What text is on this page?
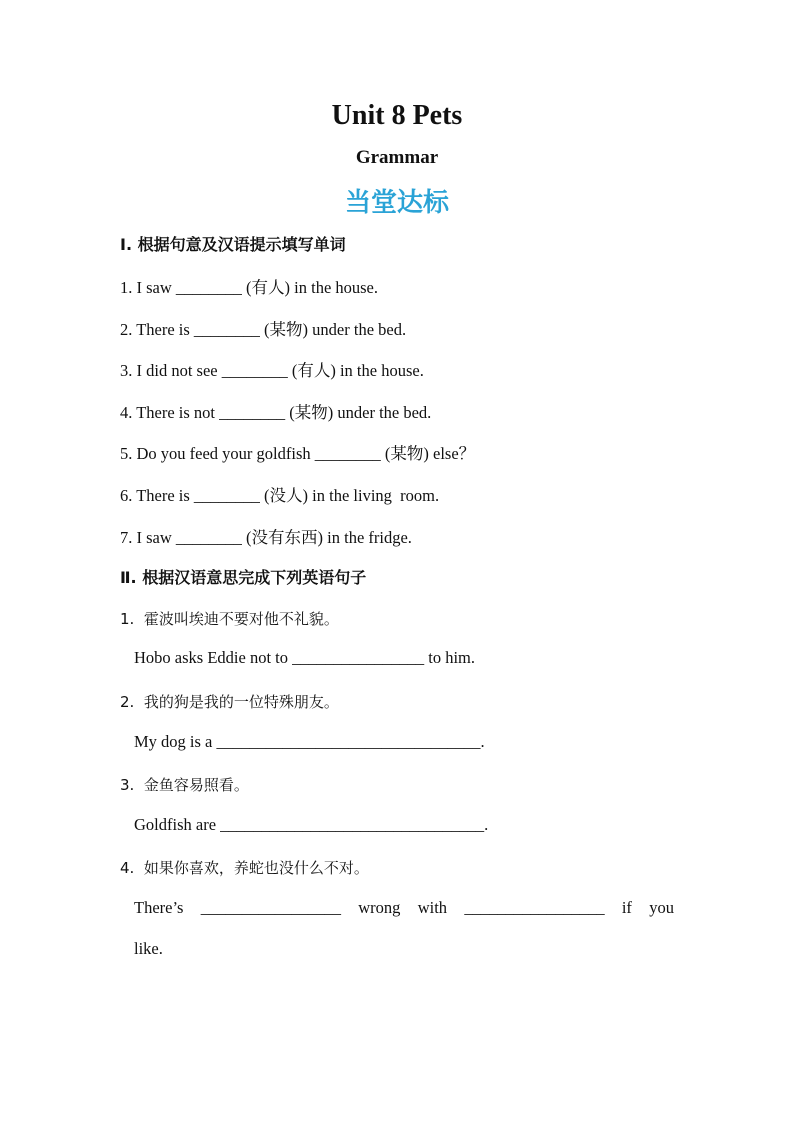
Unit 8 Pets
Grammar
当堂达标
Ⅰ. 根据句意及汉语提示填写单词
1. I saw ________ (有人) in the house.
2. There is ________ (某物) under the bed.
3. I did not see ________ (有人) in the house.
4. There is not ________ (某物) under the bed.
5. Do you feed your goldfish ________ (某物) else？
6. There is ________ (没人) in the living  room.
7. I saw ________ (没有东西) in the fridge.
Ⅱ. 根据汉语意思完成下列英语句子
1.  霍波叫埃迪不要对他不礼貌。
Hobo asks Eddie not to ________________ to him.
2.  我的狗是我的一位特殊朋友。
My dog is a ________________________________.
3.  金鱼容易照看。
Goldfish are ________________________________.
4.  如果你喜欢，养蛇也没什么不对。
There’s _________________ wrong with _________________ if you
like.
